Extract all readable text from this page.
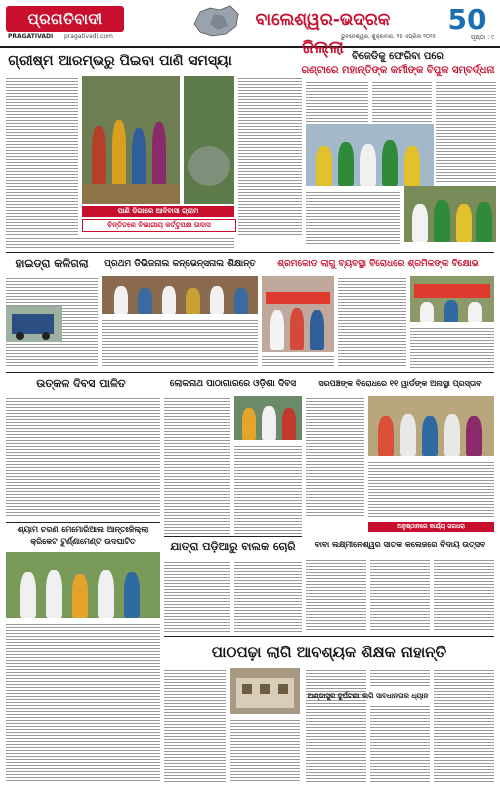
ପ୍ରଗତିବାଦୀ
PRAGATIVADI pragativadi.com
ବାଲେଶ୍ୱର-ଭଦ୍ରକ ଜିଲ୍ଲା
50
ଭୁବନେଶ୍ୱର, ଶୁକ୍ରବାର, ୨୫ ଏପ୍ରିଲ ୨୦୨୫	ପୃଷ୍ଠା : ୯
ଗ୍ରୀଷ୍ମ ଆରମ୍ଭରୁ ପିଇବା ପାଣି ସମସ୍ୟା
ପାଣି ଡିଗାରେ ଆଦିବାସୀ ଗ୍ରାମ
ଚିନ୍ତିତରେ ବିଭାଗୀୟ କର୍ତ୍ତୃପକ୍ଷ ଉଦାସ
ବିଜେଡିକୁ ଫେରିବା ପରେ
ରଣ୍ଟାରେ ମହାନ୍ତିଙ୍କ କର୍ମୀଙ୍କ ବିପୁଳ ସମ୍ବର୍ଦ୍ଧନା
ହାଇଡ୍ରା କଳିଗଲା	ପ୍ରଥମ ଡିଭିଜନାଲ କନ୍‌ଭେନ୍‌ସନାଲ ଶିକ୍ଷାନ୍ତ	ଶ୍ରମକୋଡ ଲାଗୁ ବ୍ୟବସ୍ଥା ବିରୋଧରେ ଶ୍ରମିକଙ୍କ ବିକ୍ଷୋଭ
ଉତ୍କଳ ଦିବସ ପାଳିତ	ଲୋକନାଥ ପାଠାଗାରରେ ଓଡ଼ିଶା ଦିବସ	ସରପଞ୍ଚଙ୍କ ବିରୋଧରେ ୧୧ ୱାର୍ଡଙ୍କ ଅନାସ୍ଥା ପ୍ରସ୍ତାବ
ଶ୍ୟାମ ଚରଣ ମେମୋରିଆଲ ଆନ୍ତଃଜିଲ୍ଲା
କ୍ରିକେଟ ଟୁର୍ଣ୍ଣାମେଣ୍ଟ ଉଦଘାଟିତ	ଯାତ୍ରା ପଡ଼ିଆରୁ ବାଲକ ଚୋରି
ଅନୁଷ୍ଠାନରେ କାର୍ଯ୍ୟ ଜଗଧରା
ବାବା ଲକ୍ଷ୍ମୀନେଶ୍ୱର ସାତକ କଲେଜରେ ବିଦାୟ ଉତ୍ସବ
ପାଠପଢ଼ା ଲାଗି ଆବଶ୍ୟକ ଶିକ୍ଷକ ନାହାନ୍ତି
ଅଣ୍ଡାସୁର ଦୁର୍ଘଟଣା ଲଗି ସାବଧାନତାର ଧ୍ୟାନ
